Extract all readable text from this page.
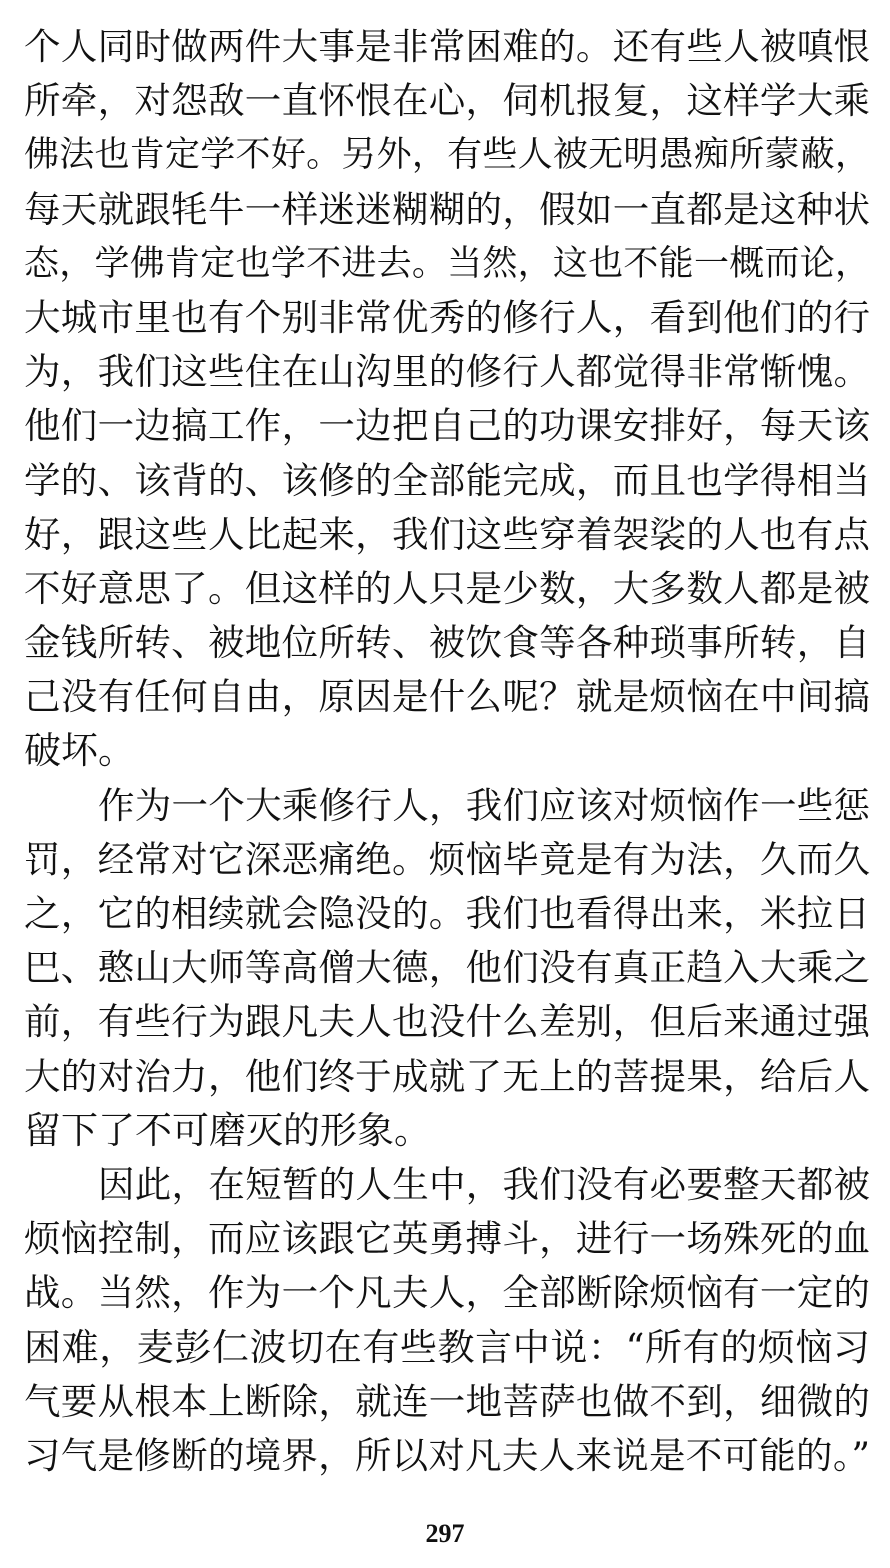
个人同时做两件大事是非常困难的。还有些人被嗔恨
所牵，对怨敌一直怀恨在心，伺机报复，这样学大乘
佛法也肯定学不好。另外，有些人被无明愚痴所蒙蔽，
每天就跟牦牛一样迷迷糊糊的，假如一直都是这种状
态，学佛肯定也学不进去。当然，这也不能一概而论，
大城市里也有个别非常优秀的修行人，看到他们的行
为，我们这些住在山沟里的修行人都觉得非常惭愧。
他们一边搞工作，一边把自己的功课安排好，每天该
学的、该背的、该修的全部能完成，而且也学得相当
好，跟这些人比起来，我们这些穿着袈裟的人也有点
不好意思了。但这样的人只是少数，大多数人都是被
金钱所转、被地位所转、被饮食等各种琐事所转，自
己没有任何自由，原因是什么呢？就是烦恼在中间搞
破坏。
作为一个大乘修行人，我们应该对烦恼作一些惩
罚，经常对它深恶痛绝。烦恼毕竟是有为法，久而久
之，它的相续就会隐没的。我们也看得出来，米拉日
巴、憨山大师等高僧大德，他们没有真正趋入大乘之
前，有些行为跟凡夫人也没什么差别，但后来通过强
大的对治力，他们终于成就了无上的菩提果，给后人
留下了不可磨灭的形象。
因此，在短暂的人生中，我们没有必要整天都被
烦恼控制，而应该跟它英勇搏斗，进行一场殊死的血
战。当然，作为一个凡夫人，全部断除烦恼有一定的
困难，麦彭仁波切在有些教言中说：“所有的烦恼习
气要从根本上断除，就连一地菩萨也做不到，细微的
习气是修断的境界，所以对凡夫人来说是不可能的。”
297
